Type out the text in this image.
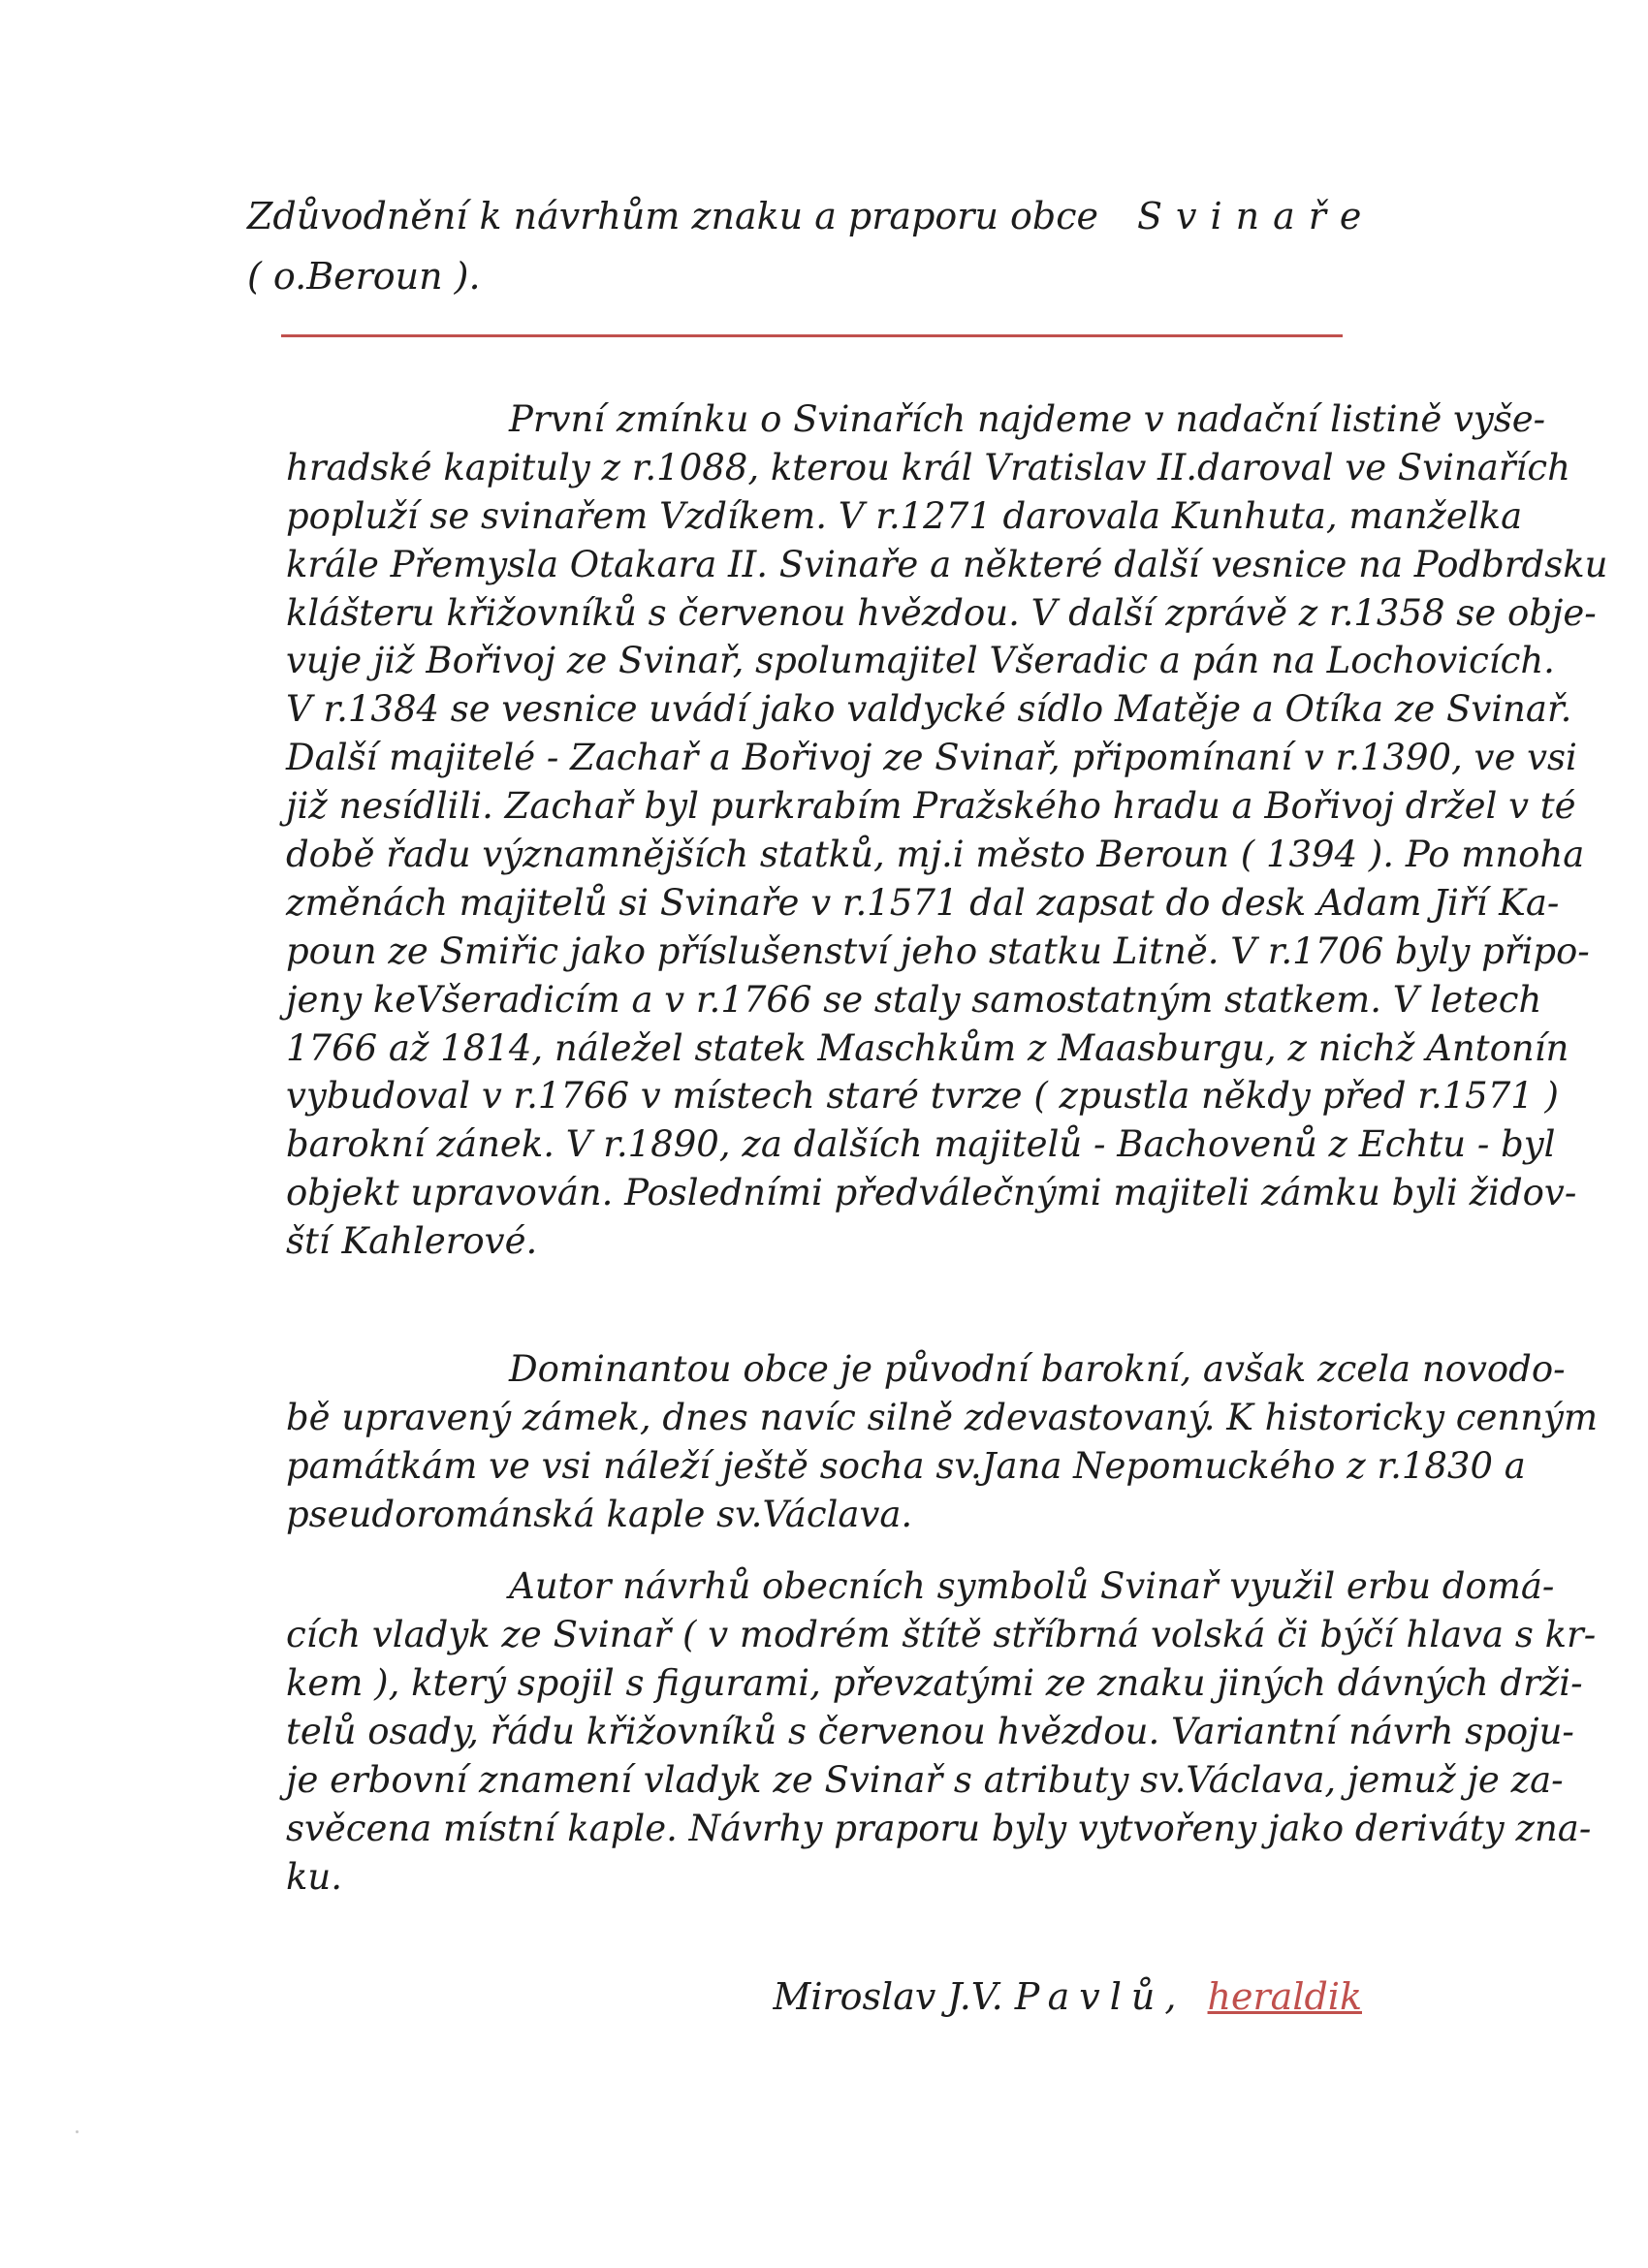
Zdůvodnění k návrhům znaku a praporu obce Svinaře
( o.Beroun ).
První zmínku o Svinařích najdeme v nadační listině vyše-
hradské kapituly z r.1088, kterou král Vratislav II.daroval ve Svinařích
popluží se svinařem Vzdíkem. V r.1271 darovala Kunhuta, manželka
krále Přemysla Otakara II. Svinaře a některé další vesnice na Podbrdsku
klášteru křižovníků s červenou hvězdou. V další zprávě z r.1358 se obje-
vuje již Bořivoj ze Svinař, spolumajitel Všeradic a pán na Lochovicích.
V r.1384 se vesnice uvádí jako valdycké sídlo Matěje a Otíka ze Svinař.
Další majitelé - Zachař a Bořivoj ze Svinař, připomínaní v r.1390, ve vsi
již nesídlili. Zachař byl purkrabím Pražského hradu a Bořivoj držel v té
době řadu významnějších statků, mj.i město Beroun ( 1394 ). Po mnoha
změnách majitelů si Svinaře v r.1571 dal zapsat do desk Adam Jiří Ka-
poun ze Smiřic jako příslušenství jeho statku Litně. V r.1706 byly připo-
jeny keVšeradicím a v r.1766 se staly samostatným statkem. V letech
1766 až 1814, náležel statek Maschkům z Maasburgu, z nichž Antonín
vybudoval v r.1766 v místech staré tvrze ( zpustla někdy před r.1571 )
barokní zánek. V r.1890, za dalších majitelů - Bachovenů z Echtu - byl
objekt upravován. Posledními předválečnými majiteli zámku byli židov-
ští Kahlerové.
Dominantou obce je původní barokní, avšak zcela novodo-
bě upravený zámek, dnes navíc silně zdevastovaný. K historicky cenným
památkám ve vsi náleží ještě socha sv.Jana Nepomuckého z r.1830 a
pseudorománská kaple sv.Václava.
Autor návrhů obecních symbolů Svinař využil erbu domá-
cích vladyk ze Svinař ( v modrém štítě stříbrná volská či býčí hlava s kr-
kem ), který spojil s figurami, převzatými ze znaku jiných dávných drži-
telů osady, řádu křižovníků s červenou hvězdou. Variantní návrh spoju-
je erbovní znamení vladyk ze Svinař s atributy sv.Václava, jemuž je za-
svěcena místní kaple. Návrhy praporu byly vytvořeny jako deriváty zna-
ku.
Miroslav J.V. Pavlů, heraldik
